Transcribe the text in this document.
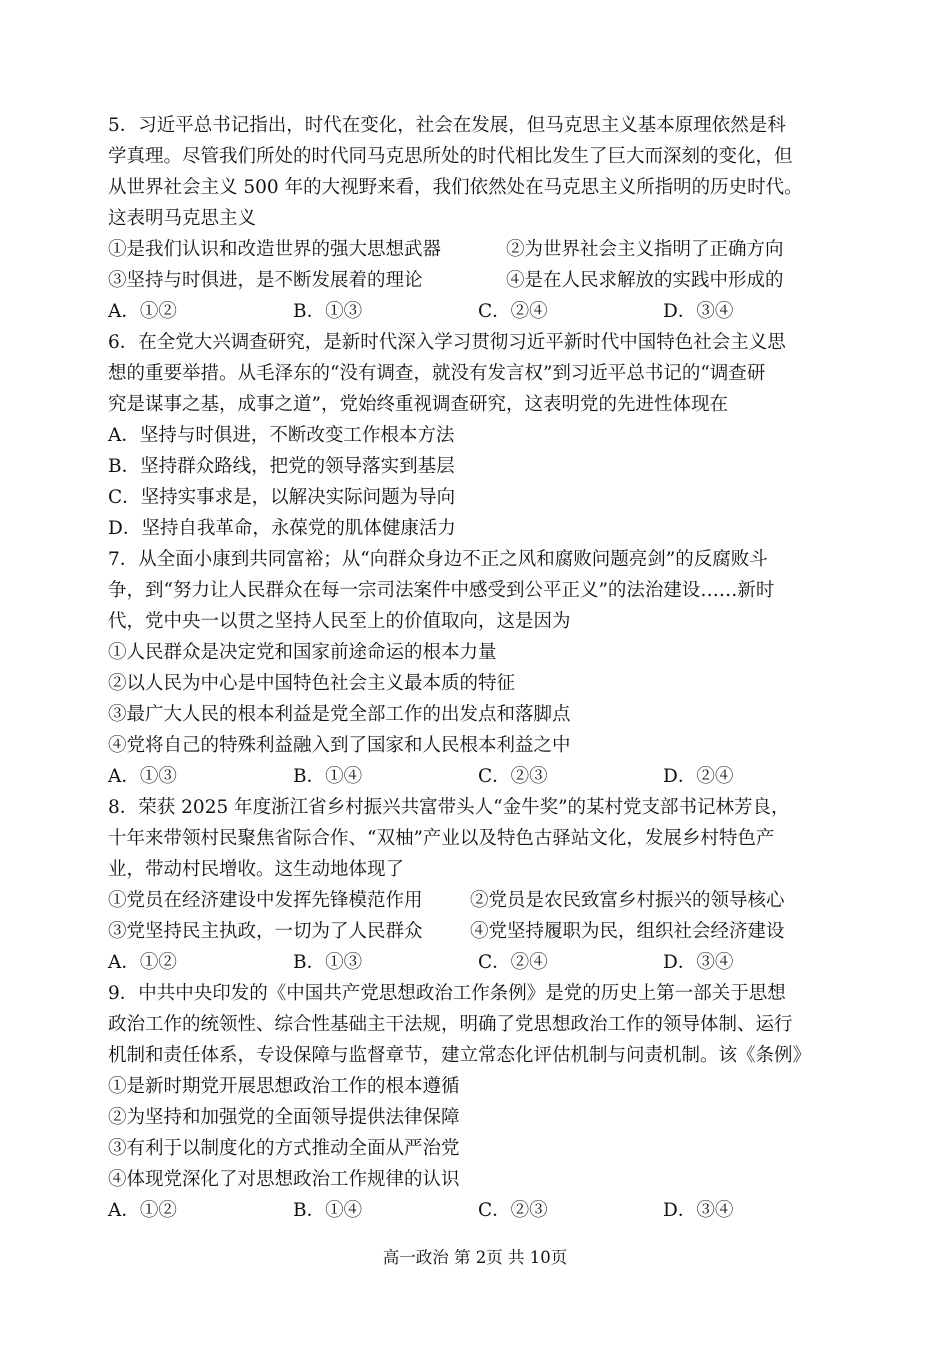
5．习近平总书记指出，时代在变化，社会在发展，但马克思主义基本原理依然是科
学真理。尽管我们所处的时代同马克思所处的时代相比发生了巨大而深刻的变化，但
从世界社会主义 500 年的大视野来看，我们依然处在马克思主义所指明的历史时代。
这表明马克思主义
①是我们认识和改造世界的强大思想武器	②为世界社会主义指明了正确方向
③坚持与时俱进，是不断发展着的理论	④是在人民求解放的实践中形成的
A．①②	B．①③	C．②④	D．③④
6．在全党大兴调查研究，是新时代深入学习贯彻习近平新时代中国特色社会主义思
想的重要举措。从毛泽东的“没有调查，就没有发言权”到习近平总书记的“调查研
究是谋事之基，成事之道”，党始终重视调查研究，这表明党的先进性体现在
A．坚持与时俱进，不断改变工作根本方法
B．坚持群众路线，把党的领导落实到基层
C．坚持实事求是，以解决实际问题为导向
D．坚持自我革命，永葆党的肌体健康活力
7．从全面小康到共同富裕；从“向群众身边不正之风和腐败问题亮剑”的反腐败斗
争，到“努力让人民群众在每一宗司法案件中感受到公平正义”的法治建设……新时
代，党中央一以贯之坚持人民至上的价值取向，这是因为
①人民群众是决定党和国家前途命运的根本力量
②以人民为中心是中国特色社会主义最本质的特征
③最广大人民的根本利益是党全部工作的出发点和落脚点
④党将自己的特殊利益融入到了国家和人民根本利益之中
A．①③	B．①④	C．②③	D．②④
8．荣获 2025 年度浙江省乡村振兴共富带头人“金牛奖”的某村党支部书记林芳良，
十年来带领村民聚焦省际合作、“双柚”产业以及特色古驿站文化，发展乡村特色产
业，带动村民增收。这生动地体现了
①党员在经济建设中发挥先锋模范作用	②党员是农民致富乡村振兴的领导核心
③党坚持民主执政，一切为了人民群众	④党坚持履职为民，组织社会经济建设
A．①②	B．①③	C．②④	D．③④
9．中共中央印发的《中国共产党思想政治工作条例》是党的历史上第一部关于思想
政治工作的统领性、综合性基础主干法规，明确了党思想政治工作的领导体制、运行
机制和责任体系，专设保障与监督章节，建立常态化评估机制与问责机制。该《条例》
①是新时期党开展思想政治工作的根本遵循
②为坚持和加强党的全面领导提供法律保障
③有利于以制度化的方式推动全面从严治党
④体现党深化了对思想政治工作规律的认识
A．①②	B．①④	C．②③	D．③④
高一政治 第 2页 共 10页
